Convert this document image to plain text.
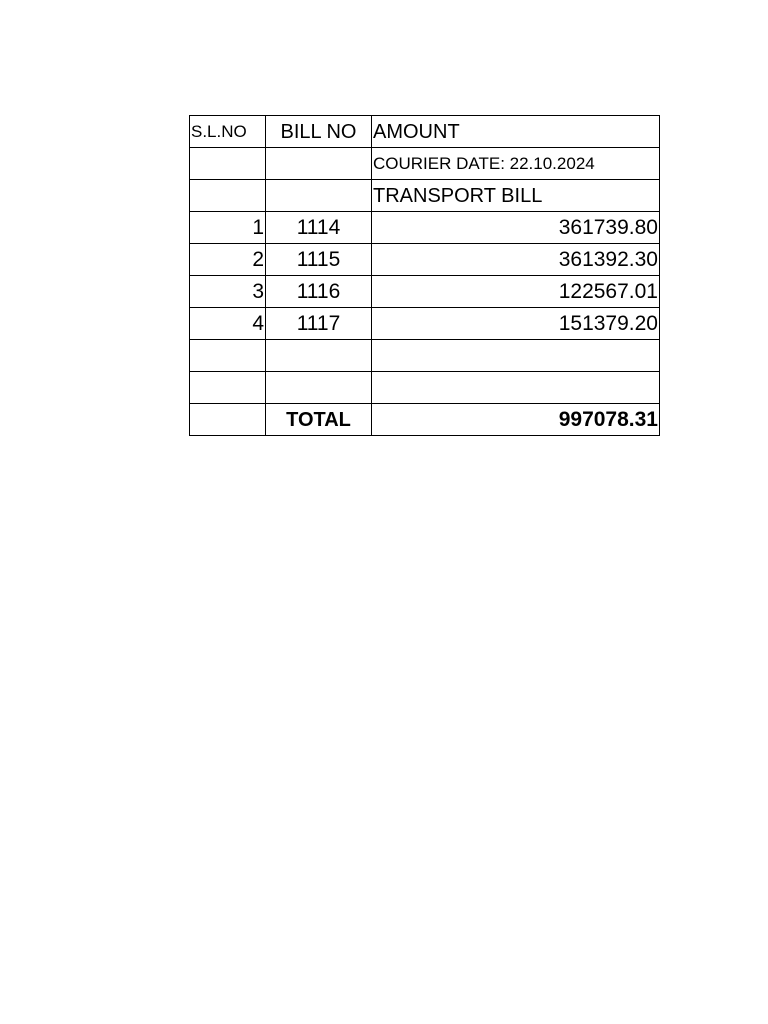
S.L.NO	BILL NO	AMOUNT
		COURIER DATE: 22.10.2024
		TRANSPORT BILL
1	1114	361739.80
2	1115	361392.30
3	1116	122567.01
4	1117	151379.20

	TOTAL	997078.31
